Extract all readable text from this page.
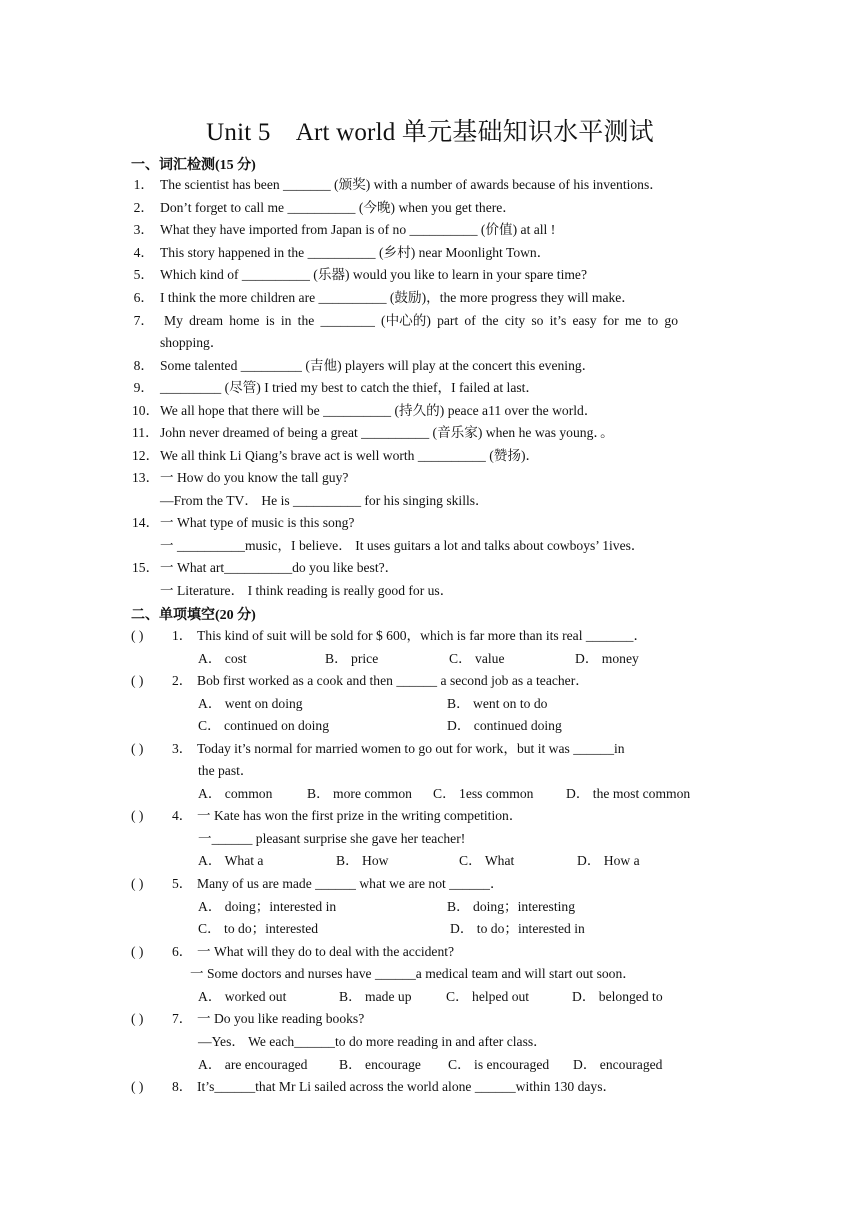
Unit 5　Art world 单元基础知识水平测试
一、词汇检测(15 分)
1． The scientist has been _______ (颁奖) with a number of awards because of his inventions．
2． Don’t forget to call me __________ (今晚) when you get there．
3． What they have imported from Japan is of no __________ (价值) at all !
4． This story happened in the __________ (乡村) near Moonlight Town．
5． Which kind of __________ (乐器) would you like to learn in your spare time?
6． I think the more children are __________ (鼓励)，the more progress they will make．
7． My dream home is in the ________ (中心的) part of the city so it’s easy for me to go
shopping．
8． Some talented _________ (吉他) players will play at the concert this evening．
9． _________ (尽管) I tried my best to catch the thief，I failed at last．
10． We all hope that there will be __________ (持久的) peace a11 over the world．
11． John never dreamed of being a great __________ (音乐家) when he was young．。
12． We all think Li Qiang’s brave act is well worth __________ (赞扬)．
13． 一 How do you know the tall guy?
—From the TV． He is __________ for his singing skills．
14． 一 What type of music is this song?
一 __________music，I believe． It uses guitars a lot and talks about cowboys’ 1ives．
15． 一 What art__________do you like best?．
一 Literature． I think reading is really good for us．
二、单项填空(20 分)
( ) 1． This kind of suit will be sold for $ 600，which is far more than its real _______．
A． cost	B． price	C． value	D． money
( ) 2． Bob first worked as a cook and then ______ a second job as a teacher．
A． went on doing	B． went on to do
C． continued on doing	D． continued doing
( ) 3． Today it’s normal for married women to go out for work，but it was ______in
the past．
A． common	B． more common C． 1ess common D． the most common
( ) 4． 一 Kate has won the first prize in the writing competition．
一______ pleasant surprise she gave her teacher!
A． What a	B． How	C． What	D． How a
( ) 5． Many of us are made ______ what we are not ______．
A． doing；interested in	B． doing；interesting
C． to do；interested	D． to do；interested in
( ) 6． 一 What will they do to deal with the accident?
一 Some doctors and nurses have ______a medical team and will start out soon．
A． worked out	B． made up	C． helped out	D． belonged to
( ) 7． 一 Do you like reading books?
—Yes． We each______to do more reading in and after class．
A． are encouraged B． encourage C． is encouraged D． encouraged
( ) 8． It’s______that Mr Li sailed across the world alone ______within 130 days．
